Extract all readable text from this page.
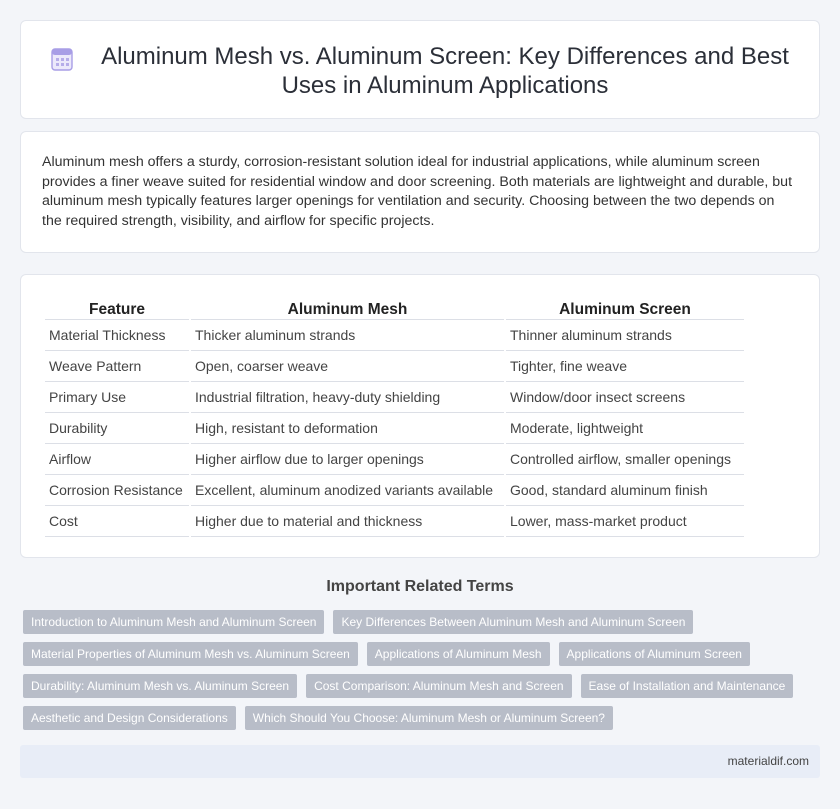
Aluminum Mesh vs. Aluminum Screen: Key Differences and Best Uses in Aluminum Applications

Aluminum mesh offers a sturdy, corrosion-resistant solution ideal for industrial applications, while aluminum screen provides a finer weave suited for residential window and door screening. Both materials are lightweight and durable, but aluminum mesh typically features larger openings for ventilation and security. Choosing between the two depends on the required strength, visibility, and airflow for specific projects.

Feature	Aluminum Mesh	Aluminum Screen
Material Thickness	Thicker aluminum strands	Thinner aluminum strands
Weave Pattern	Open, coarser weave	Tighter, fine weave
Primary Use	Industrial filtration, heavy-duty shielding	Window/door insect screens
Durability	High, resistant to deformation	Moderate, lightweight
Airflow	Higher airflow due to larger openings	Controlled airflow, smaller openings
Corrosion Resistance	Excellent, aluminum anodized variants available	Good, standard aluminum finish
Cost	Higher due to material and thickness	Lower, mass-market product
Important Related Terms
Introduction to Aluminum Mesh and Aluminum Screen	Key Differences Between Aluminum Mesh and Aluminum Screen
Material Properties of Aluminum Mesh vs. Aluminum Screen	Applications of Aluminum Mesh	Applications of Aluminum Screen
Durability: Aluminum Mesh vs. Aluminum Screen	Cost Comparison: Aluminum Mesh and Screen	Ease of Installation and Maintenance
Aesthetic and Design Considerations	Which Should You Choose: Aluminum Mesh or Aluminum Screen?
materialdif.com
